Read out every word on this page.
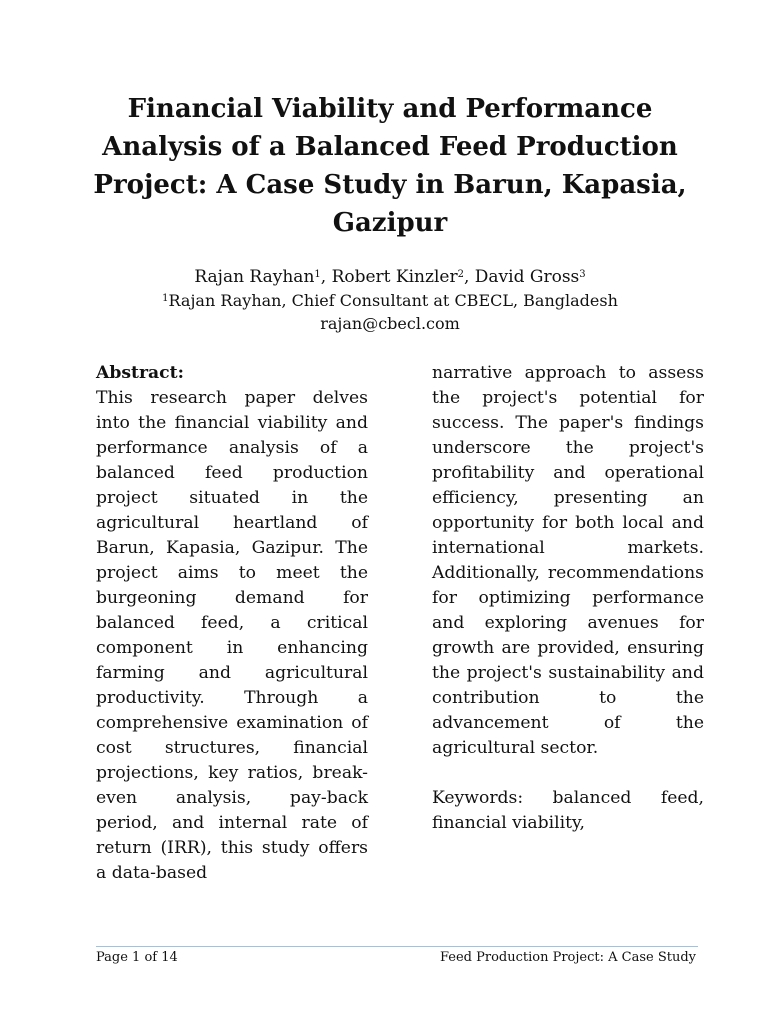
Financial Viability and Performance Analysis of a Balanced Feed Production Project: A Case Study in Barun, Kapasia, Gazipur
Rajan Rayhan$^1$, Robert Kinzler$^2$, David Gross$^3$
$^1$Rajan Rayhan, Chief Consultant at CBECL, Bangladesh
rajan@cbecl.com
Abstract:

This research paper delves into the financial viability and performance analysis of a balanced feed production project situated in the agricultural heartland of Barun, Kapasia, Gazipur. The project aims to meet the burgeoning demand for balanced feed, a critical component in enhancing farming and agricultural productivity. Through a comprehensive examination of cost structures, financial projections, key ratios, break-even analysis, pay-back period, and internal rate of return (IRR), this study offers a data-based

narrative approach to assess the project's potential for success. The paper's findings underscore the project's profitability and operational efficiency, presenting an opportunity for both local and international markets. Additionally, recommendations for optimizing performance and exploring avenues for growth are provided, ensuring the project's sustainability and contribution to the advancement of the agricultural sector.

Keywords: balanced feed, financial viability,

Page 1 of 14	Feed Production Project: A Case Study
